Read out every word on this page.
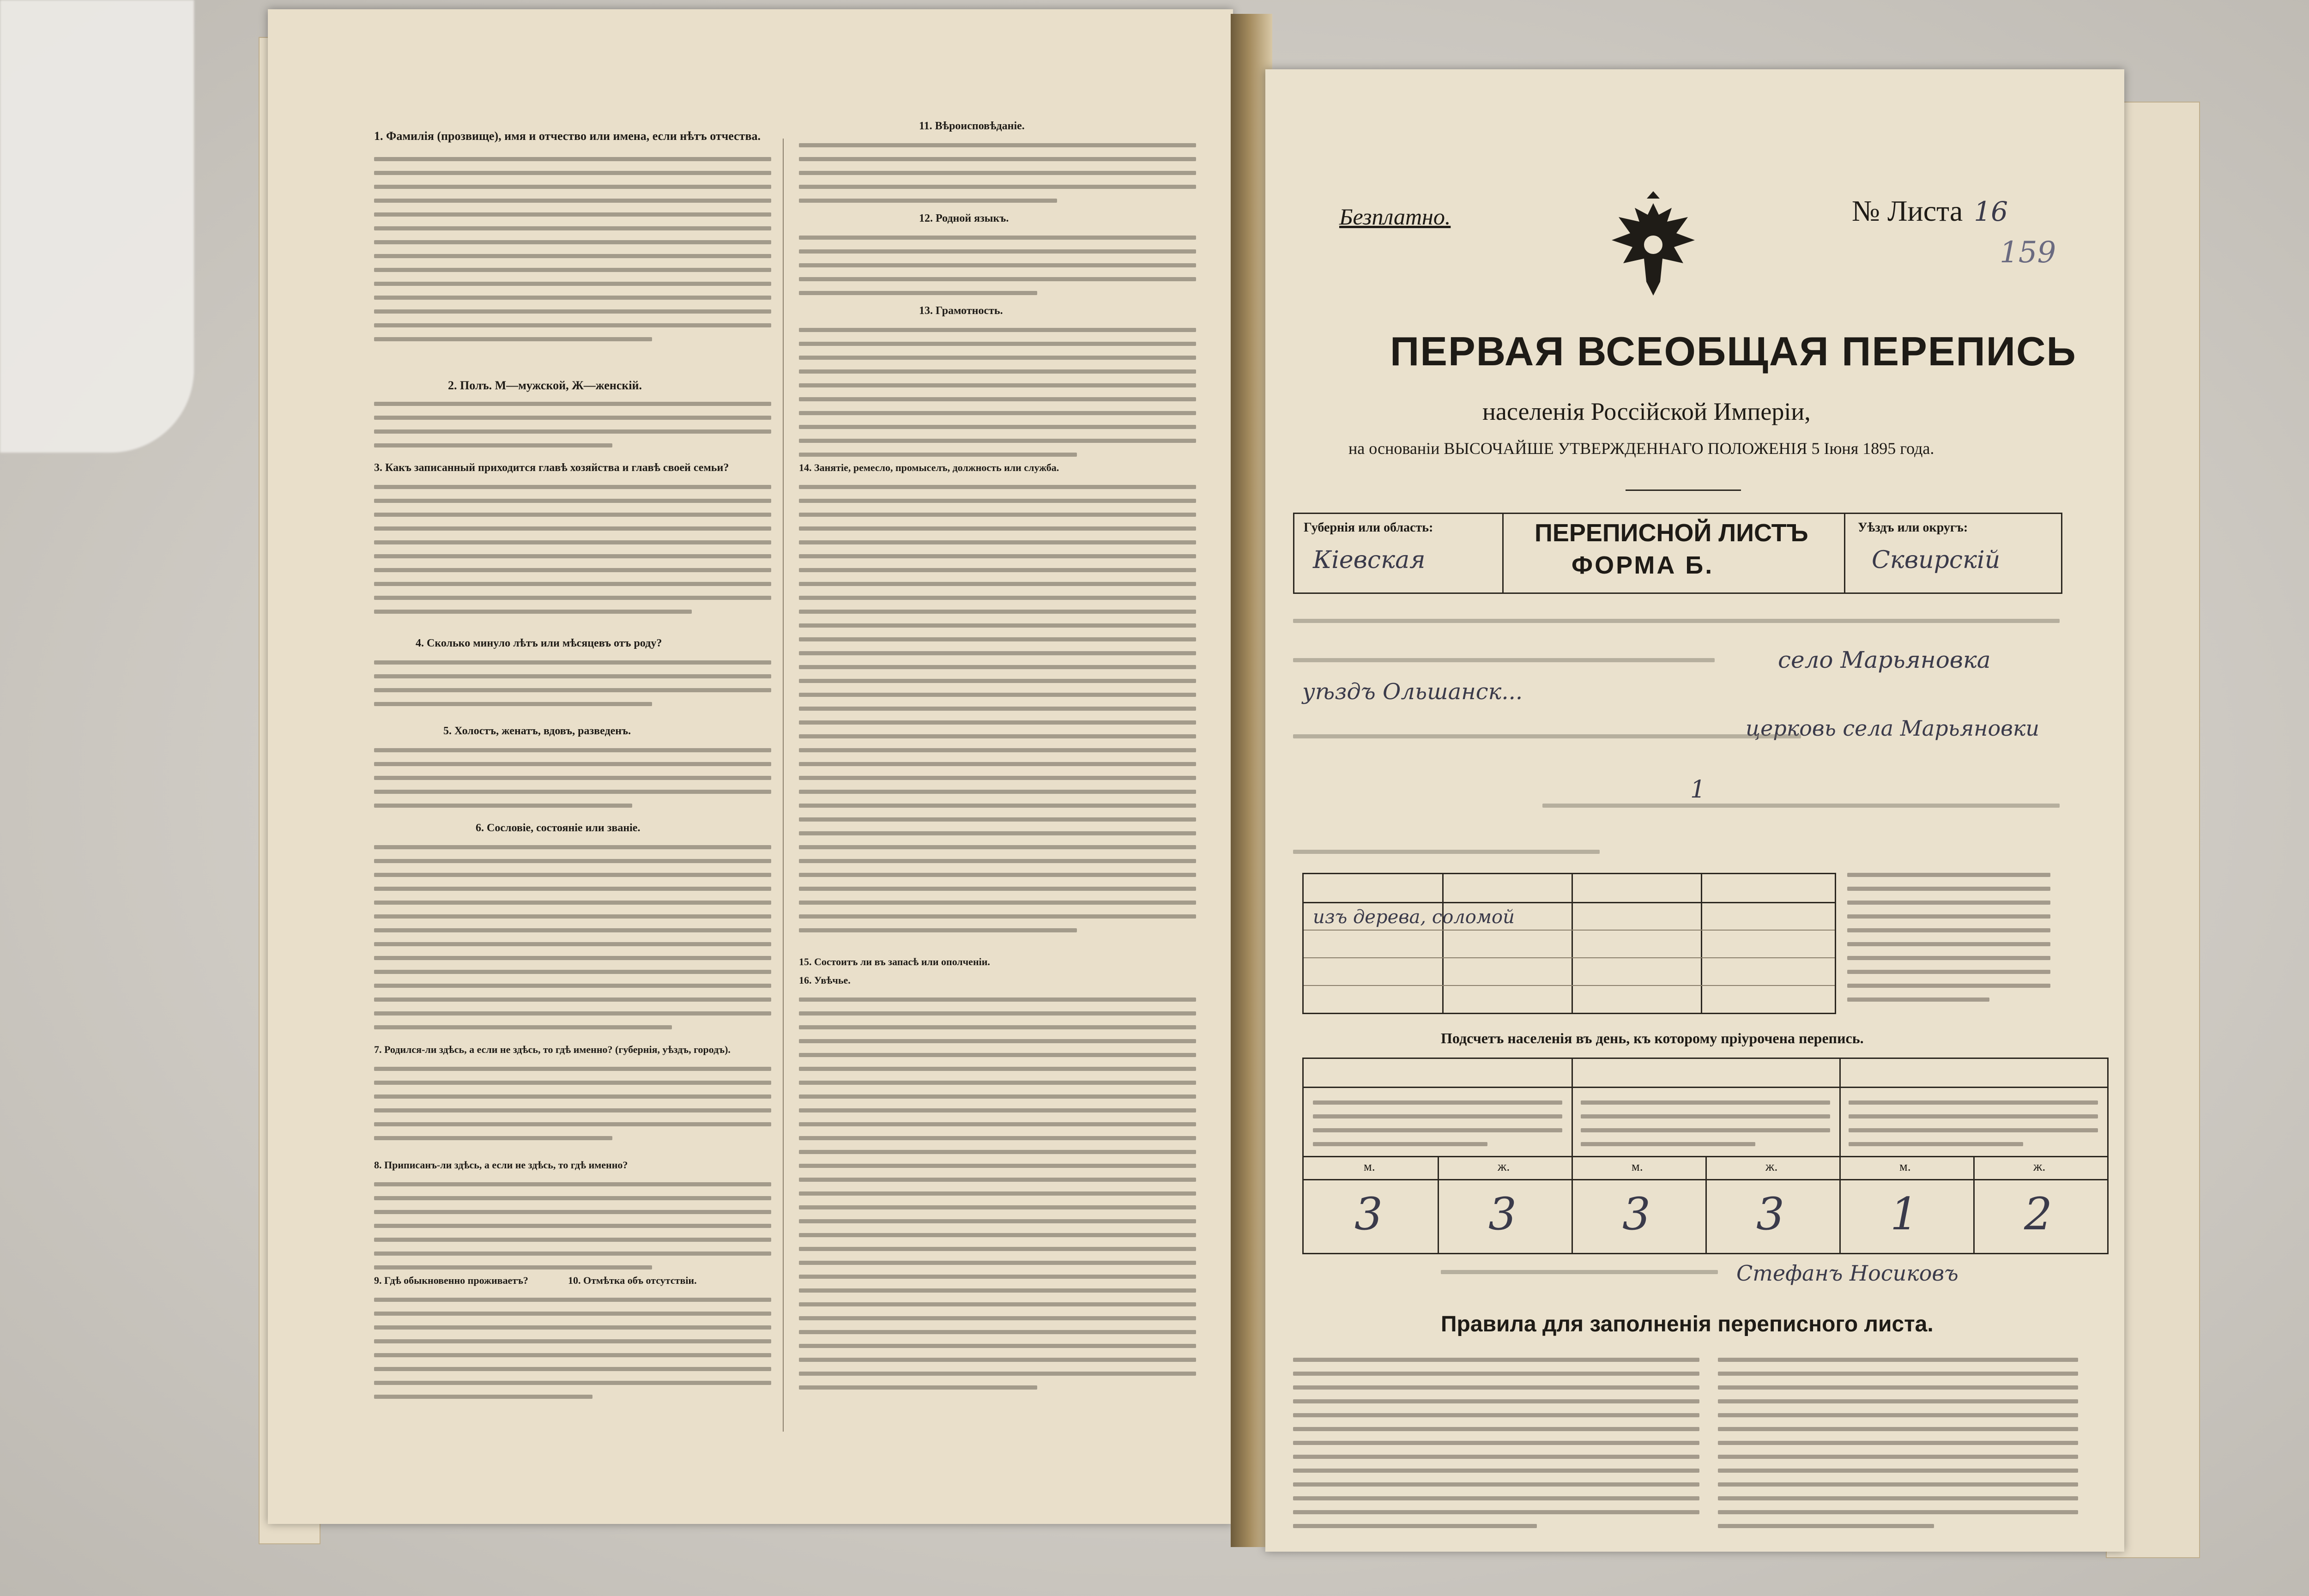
1. Фамилія (прозвище), имя и отчество или имена, если нѣтъ отчества.
2. Полъ. М—мужской, Ж—женскій.
3. Какъ записанный приходится главѣ хозяйства и главѣ своей семьи?
4. Сколько минуло лѣтъ или мѣсяцевъ отъ роду?
5. Холостъ, женатъ, вдовъ, разведенъ.
6. Сословіе, состояніе или званіе.
7. Родился-ли здѣсь, а если не здѣсь, то гдѣ именно? (губернія, уѣздъ, городъ).
8. Приписанъ-ли здѣсь, а если не здѣсь, то гдѣ именно?
9. Гдѣ обыкновенно проживаетъ?	10. Отмѣтка объ отсутствіи.
11. Вѣроисповѣданіе.
12. Родной языкъ.
13. Грамотность.
14. Занятіе, ремесло, промыселъ, должность или служба.
15. Состоитъ ли въ запасѣ или ополченіи.
16. Увѣчье.
Безплатно.	№ Листа 16
159
ПЕРВАЯ ВСЕОБЩАЯ ПЕРЕПИСЬ
населенія Россійской Имперіи,
на основаніи ВЫСОЧАЙШЕ УТВЕРЖДЕННАГО ПОЛОЖЕНІЯ 5 Іюня 1895 года.
Губернія или область:
Кіевская
ПЕРЕПИСНОЙ ЛИСТЪ
ФОРМА Б.
Уѣздъ или округъ:
Сквирскій
село Марьяновка
уѣздъ Ольшанск...
церковь села Марьяновки
1
изъ дерева, соломой
Подсчетъ населенія въ день, къ которому пріурочена перепись.
м.	ж.	м.	ж.	м.	ж.
3 3 3 3 1 2
Стефанъ Носиковъ
Правила для заполненія переписного листа.
